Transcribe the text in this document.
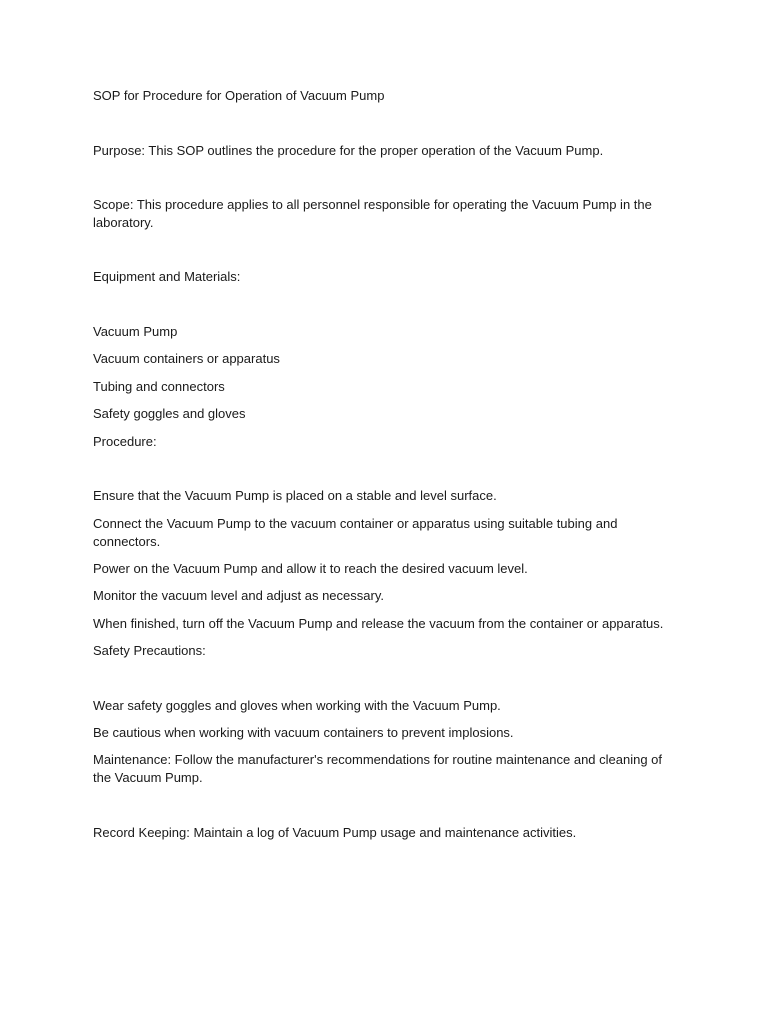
SOP for Procedure for Operation of Vacuum Pump

Purpose: This SOP outlines the procedure for the proper operation of the Vacuum Pump.

Scope: This procedure applies to all personnel responsible for operating the Vacuum Pump in the laboratory.

Equipment and Materials:

Vacuum Pump

Vacuum containers or apparatus

Tubing and connectors

Safety goggles and gloves

Procedure:

Ensure that the Vacuum Pump is placed on a stable and level surface.

Connect the Vacuum Pump to the vacuum container or apparatus using suitable tubing and connectors.

Power on the Vacuum Pump and allow it to reach the desired vacuum level.

Monitor the vacuum level and adjust as necessary.

When finished, turn off the Vacuum Pump and release the vacuum from the container or apparatus.

Safety Precautions:

Wear safety goggles and gloves when working with the Vacuum Pump.

Be cautious when working with vacuum containers to prevent implosions.

Maintenance: Follow the manufacturer's recommendations for routine maintenance and cleaning of the Vacuum Pump.

Record Keeping: Maintain a log of Vacuum Pump usage and maintenance activities.
